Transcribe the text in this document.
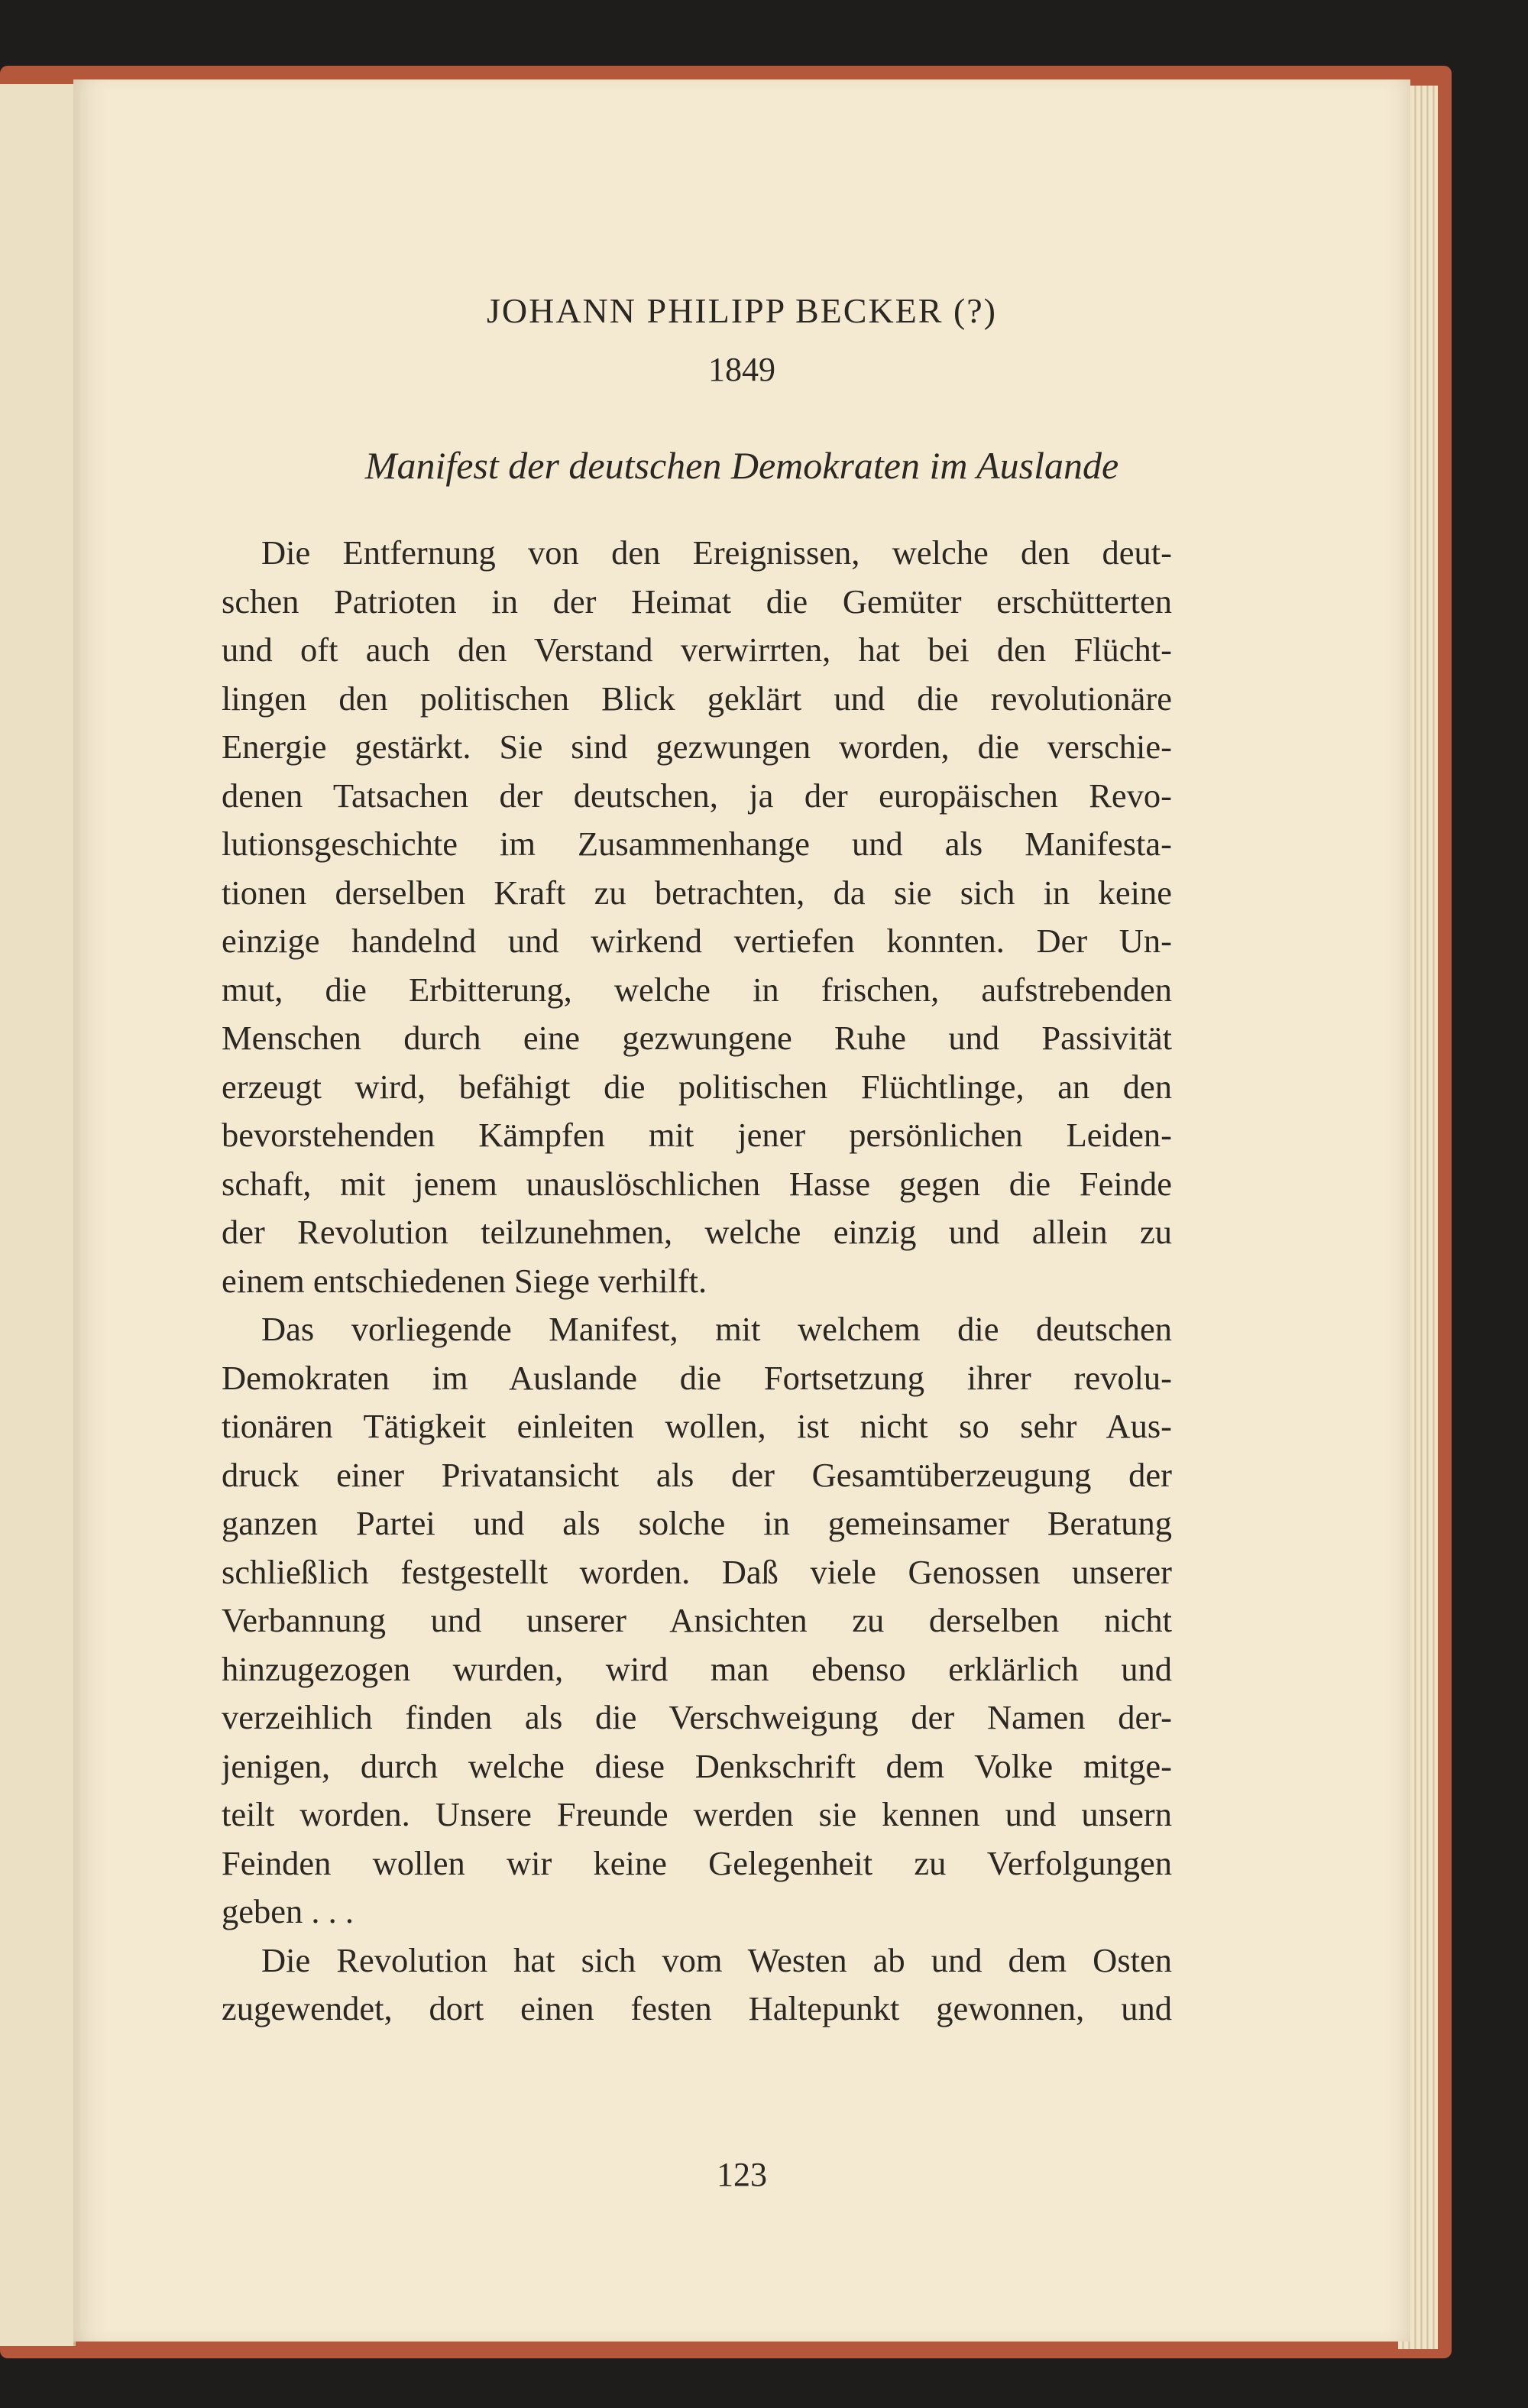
JOHANN PHILIPP BECKER (?)
1849
Manifest der deutschen Demokraten im Auslande
Die Entfernung von den Ereignissen, welche den deut-
schen Patrioten in der Heimat die Gemüter erschütterten
und oft auch den Verstand verwirrten, hat bei den Flücht-
lingen den politischen Blick geklärt und die revolutionäre
Energie gestärkt. Sie sind gezwungen worden, die verschie-
denen Tatsachen der deutschen, ja der europäischen Revo-
lutionsgeschichte im Zusammenhange und als Manifesta-
tionen derselben Kraft zu betrachten, da sie sich in keine
einzige handelnd und wirkend vertiefen konnten. Der Un-
mut, die Erbitterung, welche in frischen, aufstrebenden
Menschen durch eine gezwungene Ruhe und Passivität
erzeugt wird, befähigt die politischen Flüchtlinge, an den
bevorstehenden Kämpfen mit jener persönlichen Leiden-
schaft, mit jenem unauslöschlichen Hasse gegen die Feinde
der Revolution teilzunehmen, welche einzig und allein zu
einem entschiedenen Siege verhilft.
Das vorliegende Manifest, mit welchem die deutschen
Demokraten im Auslande die Fortsetzung ihrer revolu-
tionären Tätigkeit einleiten wollen, ist nicht so sehr Aus-
druck einer Privatansicht als der Gesamtüberzeugung der
ganzen Partei und als solche in gemeinsamer Beratung
schließlich festgestellt worden. Daß viele Genossen unserer
Verbannung und unserer Ansichten zu derselben nicht
hinzugezogen wurden, wird man ebenso erklärlich und
verzeihlich finden als die Verschweigung der Namen der-
jenigen, durch welche diese Denkschrift dem Volke mitge-
teilt worden. Unsere Freunde werden sie kennen und unsern
Feinden wollen wir keine Gelegenheit zu Verfolgungen
geben . . .
Die Revolution hat sich vom Westen ab und dem Osten
zugewendet, dort einen festen Haltepunkt gewonnen, und
123
